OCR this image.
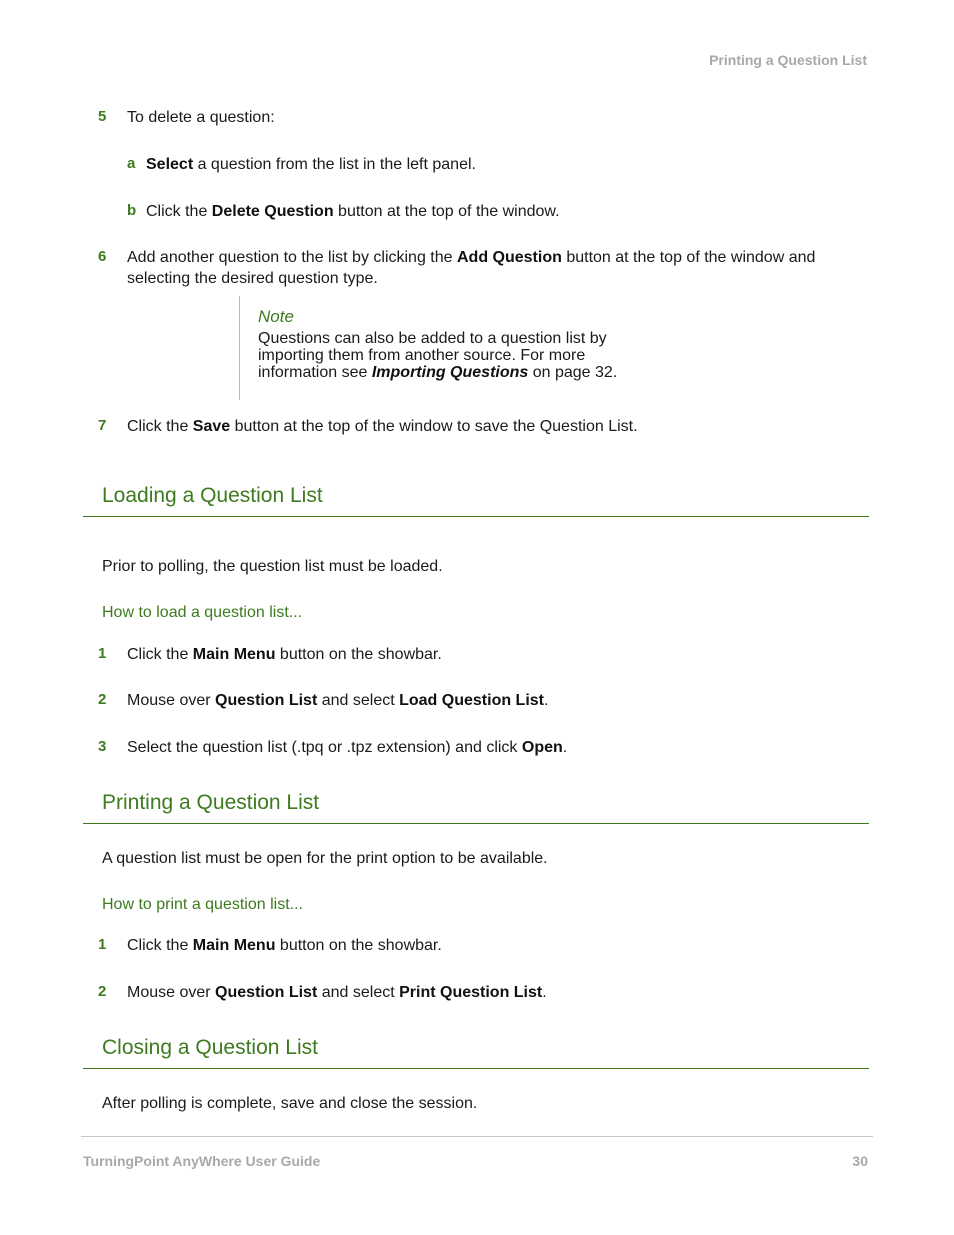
Printing a Question List
5	To delete a question:
a Select a question from the list in the left panel.
b Click the Delete Question button at the top of the window.
6	Add another question to the list by clicking the Add Question button at the top of the window and selecting the desired question type.
Note
Questions can also be added to a question list by
importing them from another source. For more
information see Importing Questions on page 32.
7	Click the Save button at the top of the window to save the Question List.
Loading a Question List
Prior to polling, the question list must be loaded.
How to load a question list...
1	Click the Main Menu button on the showbar.
2	Mouse over Question List and select Load Question List.
3	Select the question list (.tpq or .tpz extension) and click Open.
Printing a Question List
A question list must be open for the print option to be available.
How to print a question list...
1	Click the Main Menu button on the showbar.
2	Mouse over Question List and select Print Question List.
Closing a Question List
After polling is complete, save and close the session.
TurningPoint AnyWhere User Guide	30
